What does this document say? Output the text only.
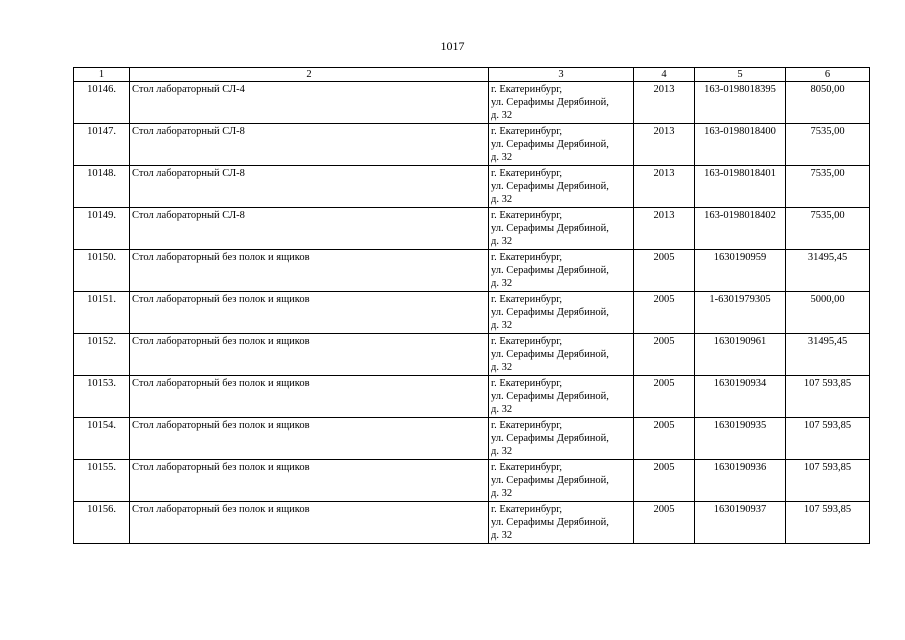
1017
1	2	3	4	5	6
10146.	Стол лабораторный СЛ-4	г. Екатеринбург,
ул. Серафимы Дерябиной,
д. 32	2013	163-0198018395	8050,00
10147.	Стол лабораторный СЛ-8	г. Екатеринбург,
ул. Серафимы Дерябиной,
д. 32	2013	163-0198018400	7535,00
10148.	Стол лабораторный СЛ-8	г. Екатеринбург,
ул. Серафимы Дерябиной,
д. 32	2013	163-0198018401	7535,00
10149.	Стол лабораторный СЛ-8	г. Екатеринбург,
ул. Серафимы Дерябиной,
д. 32	2013	163-0198018402	7535,00
10150.	Стол лабораторный без полок и ящиков	г. Екатеринбург,
ул. Серафимы Дерябиной,
д. 32	2005	1630190959	31495,45
10151.	Стол лабораторный без полок и ящиков	г. Екатеринбург,
ул. Серафимы Дерябиной,
д. 32	2005	1-6301979305	5000,00
10152.	Стол лабораторный без полок и ящиков	г. Екатеринбург,
ул. Серафимы Дерябиной,
д. 32	2005	1630190961	31495,45
10153.	Стол лабораторный без полок и ящиков	г. Екатеринбург,
ул. Серафимы Дерябиной,
д. 32	2005	1630190934	107 593,85
10154.	Стол лабораторный без полок и ящиков	г. Екатеринбург,
ул. Серафимы Дерябиной,
д. 32	2005	1630190935	107 593,85
10155.	Стол лабораторный без полок и ящиков	г. Екатеринбург,
ул. Серафимы Дерябиной,
д. 32	2005	1630190936	107 593,85
10156.	Стол лабораторный без полок и ящиков	г. Екатеринбург,
ул. Серафимы Дерябиной,
д. 32	2005	1630190937	107 593,85
